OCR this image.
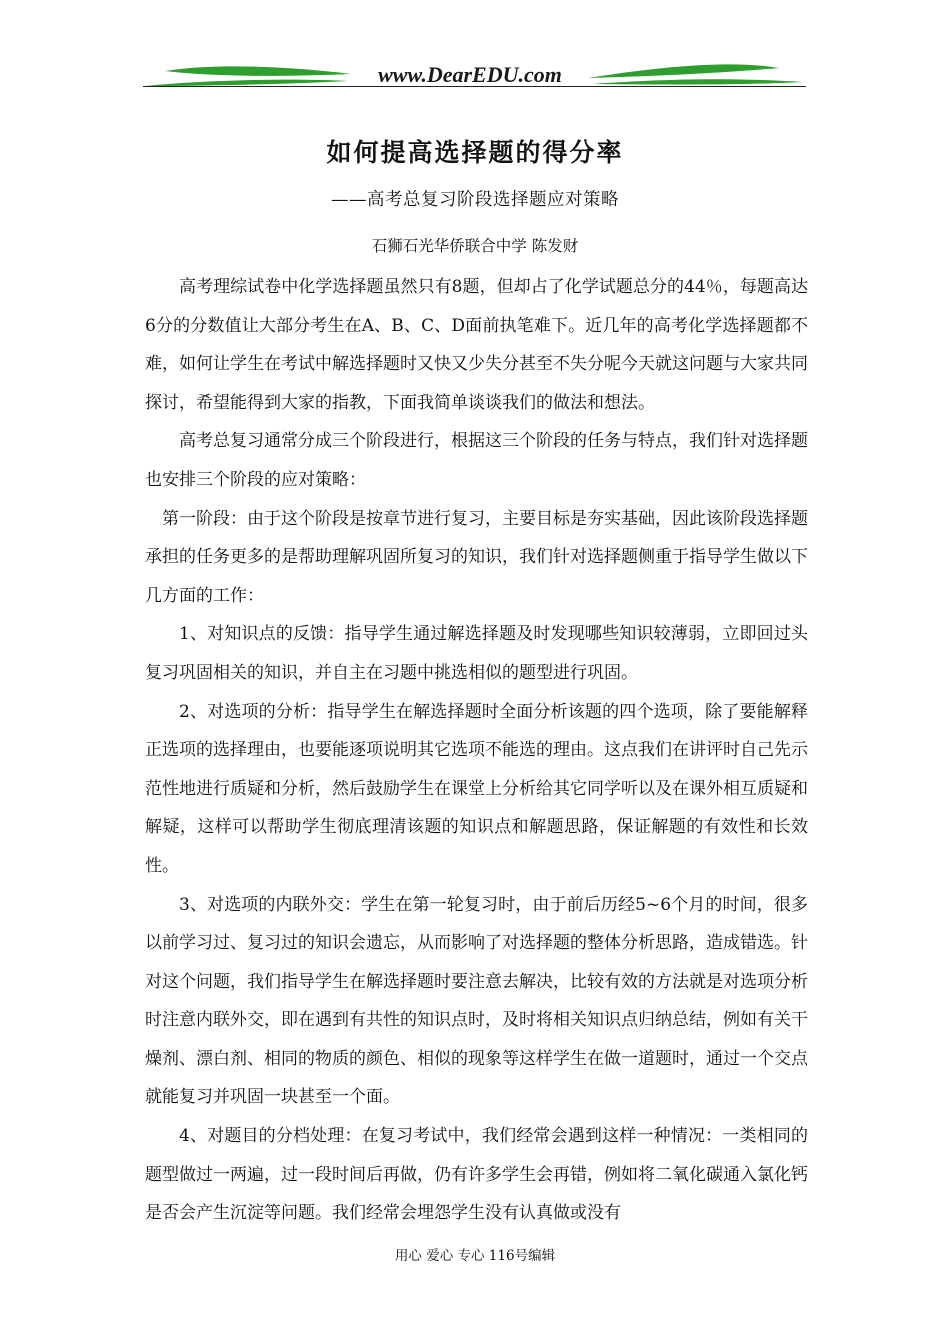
www.DearEDU.com
如何提高选择题的得分率
——高考总复习阶段选择题应对策略
石狮石光华侨联合中学 陈发财

高考理综试卷中化学选择题虽然只有8题，但却占了化学试题总分的44％，每题高达6分的分数值让大部分考生在A、B、C、D面前执笔难下。近几年的高考化学选择题都不难，如何让学生在考试中解选择题时又快又少失分甚至不失分呢今天就这问题与大家共同探讨，希望能得到大家的指教，下面我简单谈谈我们的做法和想法。

高考总复习通常分成三个阶段进行，根据这三个阶段的任务与特点，我们针对选择题也安排三个阶段的应对策略：

第一阶段：由于这个阶段是按章节进行复习，主要目标是夯实基础，因此该阶段选择题承担的任务更多的是帮助理解巩固所复习的知识，我们针对选择题侧重于指导学生做以下几方面的工作：

1、对知识点的反馈：指导学生通过解选择题及时发现哪些知识较薄弱，立即回过头复习巩固相关的知识，并自主在习题中挑选相似的题型进行巩固。

2、对选项的分析：指导学生在解选择题时全面分析该题的四个选项，除了要能解释正选项的选择理由，也要能逐项说明其它选项不能选的理由。这点我们在讲评时自己先示范性地进行质疑和分析，然后鼓励学生在课堂上分析给其它同学听以及在课外相互质疑和解疑，这样可以帮助学生彻底理清该题的知识点和解题思路，保证解题的有效性和长效性。

3、对选项的内联外交：学生在第一轮复习时，由于前后历经5~6个月的时间，很多以前学习过、复习过的知识会遗忘，从而影响了对选择题的整体分析思路，造成错选。针对这个问题，我们指导学生在解选择题时要注意去解决，比较有效的方法就是对选项分析时注意内联外交，即在遇到有共性的知识点时，及时将相关知识点归纳总结，例如有关干燥剂、漂白剂、相同的物质的颜色、相似的现象等这样学生在做一道题时，通过一个交点就能复习并巩固一块甚至一个面。

4、对题目的分档处理：在复习考试中，我们经常会遇到这样一种情况：一类相同的题型做过一两遍，过一段时间后再做，仍有许多学生会再错，例如将二氧化碳通入氯化钙是否会产生沉淀等问题。我们经常会埋怨学生没有认真做或没有

用心 爱心 专心 116号编辑
